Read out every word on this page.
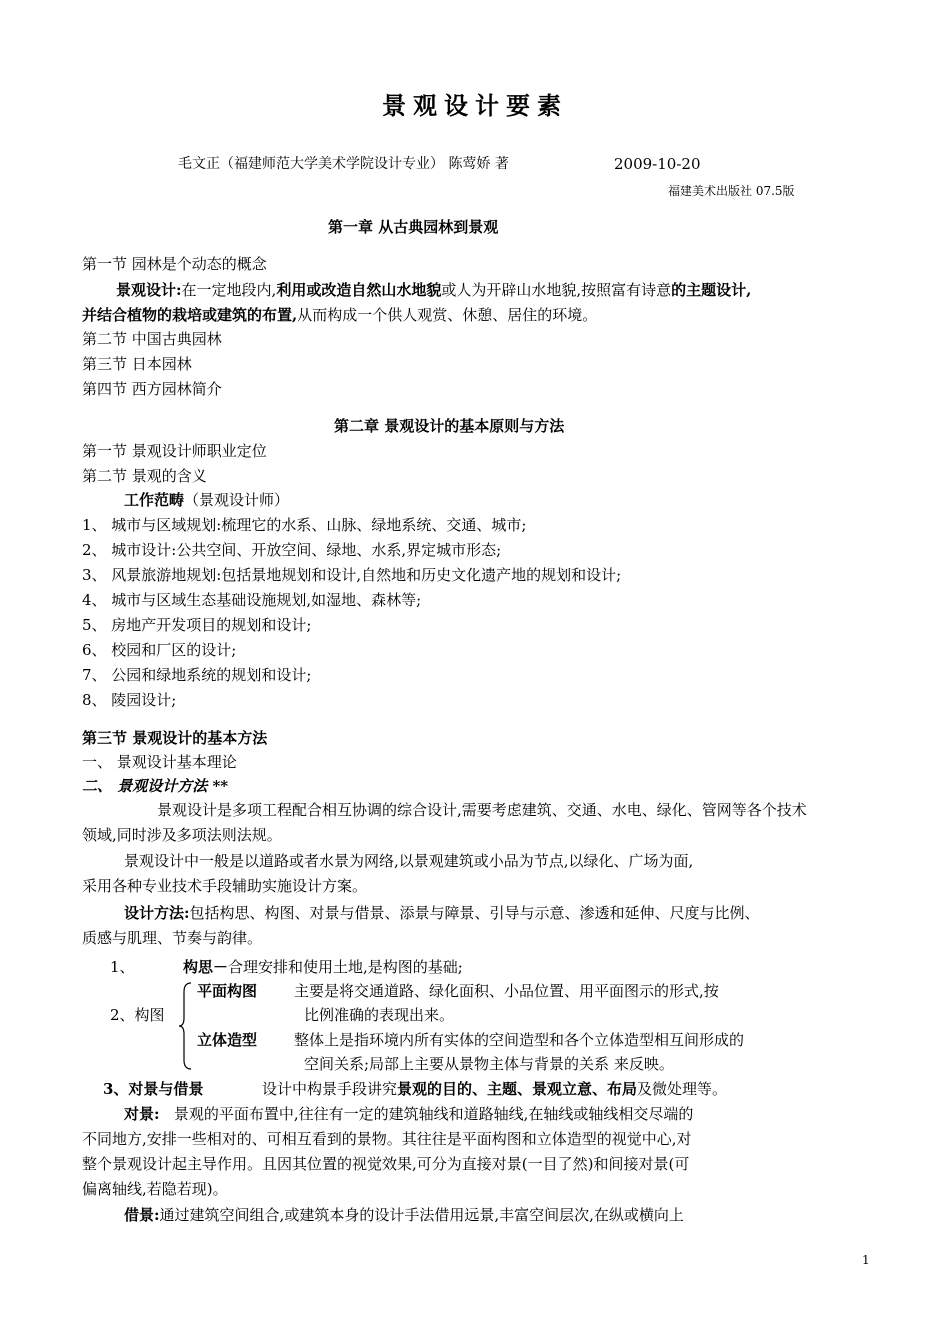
景观设计要素
毛文正（福建师范大学美术学院设计专业） 陈莺娇 著	2009-10-20
福建美术出版社 07.5版
第一章 从古典园林到景观
第一节 园林是个动态的概念
景观设计:在一定地段内,利用或改造自然山水地貌或人为开辟山水地貌,按照富有诗意的主题设计,
并结合植物的栽培或建筑的布置,从而构成一个供人观赏、休憩、居住的环境。
第二节 中国古典园林
第三节 日本园林
第四节 西方园林简介
第二章 景观设计的基本原则与方法
第一节 景观设计师职业定位
第二节 景观的含义
工作范畴（景观设计师）
1、 城市与区域规划:梳理它的水系、山脉、绿地系统、交通、城市;
2、 城市设计:公共空间、开放空间、绿地、水系,界定城市形态;
3、 风景旅游地规划:包括景地规划和设计,自然地和历史文化遗产地的规划和设计;
4、 城市与区域生态基础设施规划,如湿地、森林等;
5、 房地产开发项目的规划和设计;
6、 校园和厂区的设计;
7、 公园和绿地系统的规划和设计;
8、 陵园设计;
第三节 景观设计的基本方法
一、 景观设计基本理论
二、 景观设计方法 **
景观设计是多项工程配合相互协调的综合设计,需要考虑建筑、交通、水电、绿化、管网等各个技术
领域,同时涉及多项法则法规。
景观设计中一般是以道路或者水景为网络,以景观建筑或小品为节点,以绿化、广场为面,
采用各种专业技术手段辅助实施设计方案。
设计方法:包括构思、构图、对景与借景、添景与障景、引导与示意、渗透和延伸、尺度与比例、
质感与肌理、节奏与韵律。
1、	构思－合理安排和使用土地,是构图的基础;
2、构图
平面构图 主要是将交通道路、绿化面积、小品位置、用平面图示的形式,按
比例准确的表现出来。
立体造型 整体上是指环境内所有实体的空间造型和各个立体造型相互间形成的
空间关系;局部上主要从景物主体与背景的关系 来反映。
3、对景与借景	设计中构景手段讲究景观的目的、主题、景观立意、布局及微处理等。
对景: 景观的平面布置中,往往有一定的建筑轴线和道路轴线,在轴线或轴线相交尽端的
不同地方,安排一些相对的、可相互看到的景物。其往往是平面构图和立体造型的视觉中心,对
整个景观设计起主导作用。且因其位置的视觉效果,可分为直接对景(一目了然)和间接对景(可
偏离轴线,若隐若现)。
借景:通过建筑空间组合,或建筑本身的设计手法借用远景,丰富空间层次,在纵或横向上
1
